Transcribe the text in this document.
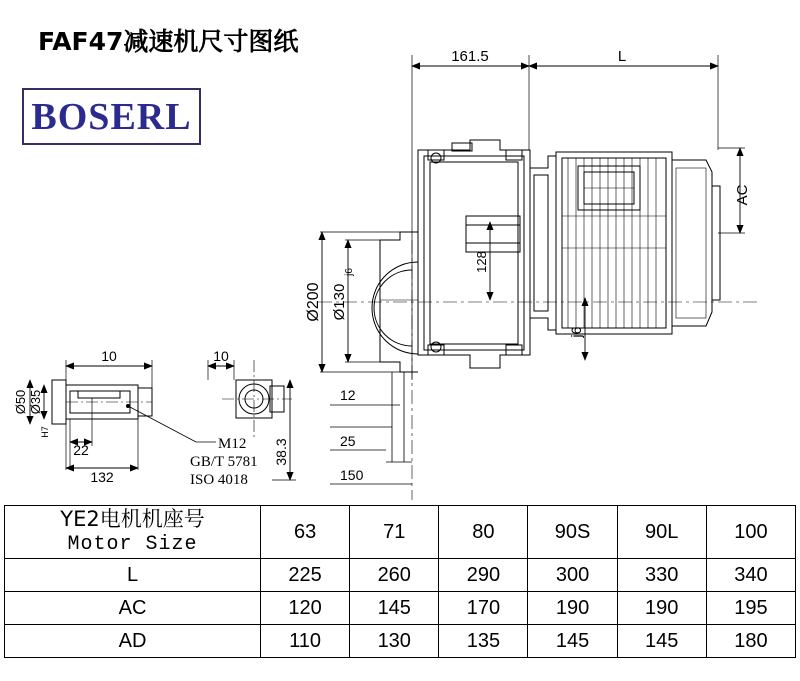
FAF47减速机尺寸图纸
BOSERL
161.5	L
AC
128
j6
Ø200 Ø130
j6
12
25
150
10
22
132
Ø50 Ø35
H7
10
38.3
M12
GB/T 5781
ISO 4018
YE2电机机座号
Motor Size	63	71	80	90S	90L	100
L	225	260	290	300	330	340
AC	120	145	170	190	190	195
AD	110	130	135	145	145	180
